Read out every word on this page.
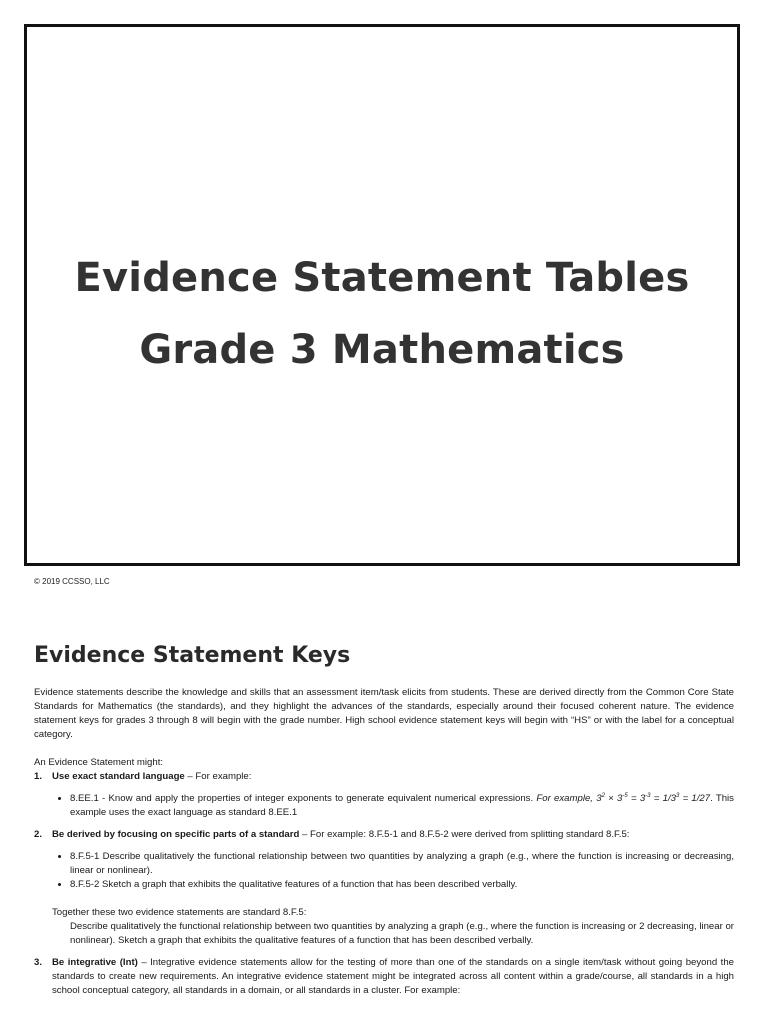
Evidence Statement Tables
Grade 3 Mathematics
© 2019 CCSSO, LLC
Evidence Statement Keys

Evidence statements describe the knowledge and skills that an assessment item/task elicits from students. These are derived directly from the Common Core State Standards for Mathematics (the standards), and they highlight the advances of the standards, especially around their focused coherent nature. The evidence statement keys for grades 3 through 8 will begin with the grade number. High school evidence statement keys will begin with “HS” or with the label for a conceptual category.

An Evidence Statement might:

1. Use exact standard language – For example:
• 8.EE.1 - Know and apply the properties of integer exponents to generate equivalent numerical expressions. For example, $3^2 \times 3^{-5} = 3^{-3} = 1/3^3 = 1/27$. This example uses the exact language as standard 8.EE.1
2. Be derived by focusing on specific parts of a standard – For example: 8.F.5-1 and 8.F.5-2 were derived from splitting standard 8.F.5:
• 8.F.5-1 Describe qualitatively the functional relationship between two quantities by analyzing a graph (e.g., where the function is increasing or decreasing, linear or nonlinear).
• 8.F.5-2 Sketch a graph that exhibits the qualitative features of a function that has been described verbally.
Together these two evidence statements are standard 8.F.5:
Describe qualitatively the functional relationship between two quantities by analyzing a graph (e.g., where the function is increasing or 2 decreasing, linear or nonlinear). Sketch a graph that exhibits the qualitative features of a function that has been described verbally.
3. Be integrative (Int) – Integrative evidence statements allow for the testing of more than one of the standards on a single item/task without going beyond the standards to create new requirements. An integrative evidence statement might be integrated across all content within a grade/course, all standards in a high school conceptual category, all standards in a domain, or all standards in a cluster. For example:
